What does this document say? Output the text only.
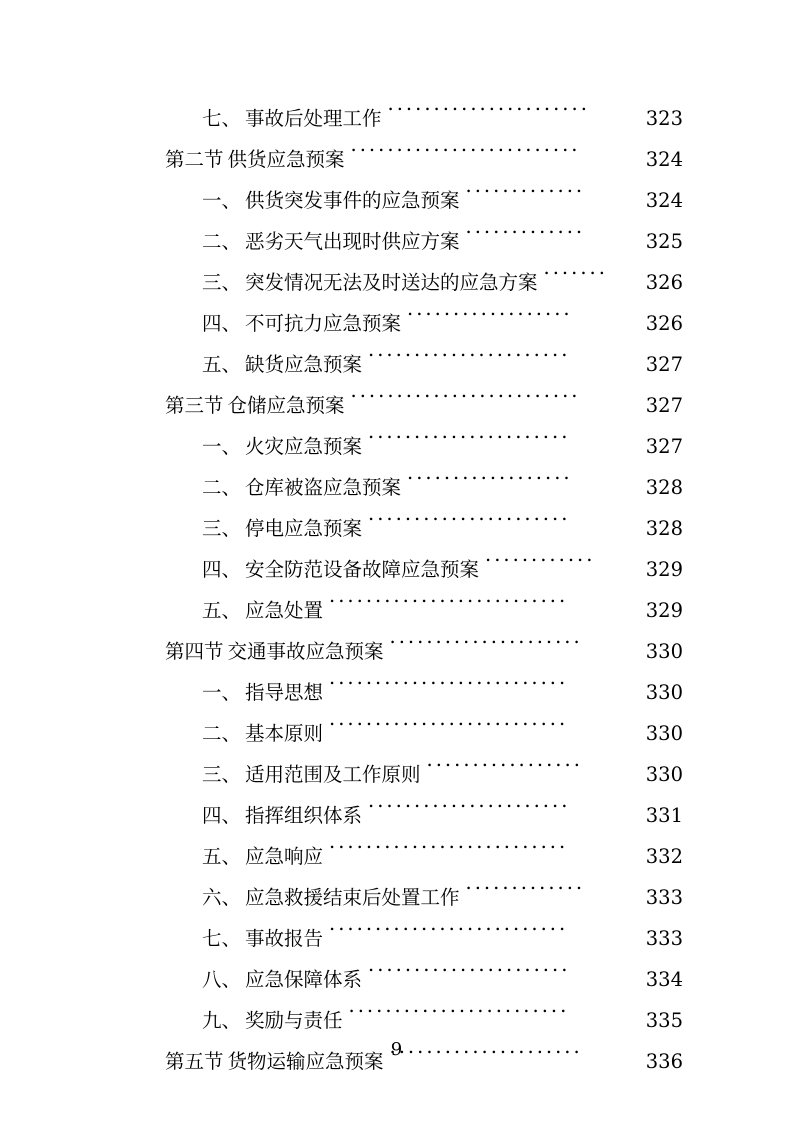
七、 事故后处理工作	323
第二节 供货应急预案	324
一、 供货突发事件的应急预案	324
二、 恶劣天气出现时供应方案	325
三、 突发情况无法及时送达的应急方案	326
四、 不可抗力应急预案	326
五、 缺货应急预案	327
第三节 仓储应急预案	327
一、 火灾应急预案	327
二、 仓库被盗应急预案	328
三、 停电应急预案	328
四、 安全防范设备故障应急预案	329
五、 应急处置	329
第四节 交通事故应急预案	330
一、 指导思想	330
二、 基本原则	330
三、 适用范围及工作原则	330
四、 指挥组织体系	331
五、 应急响应	332
六、 应急救援结束后处置工作	333
七、 事故报告	333
八、 应急保障体系	334
九、 奖励与责任	335
第五节 货物运输应急预案	336
9
